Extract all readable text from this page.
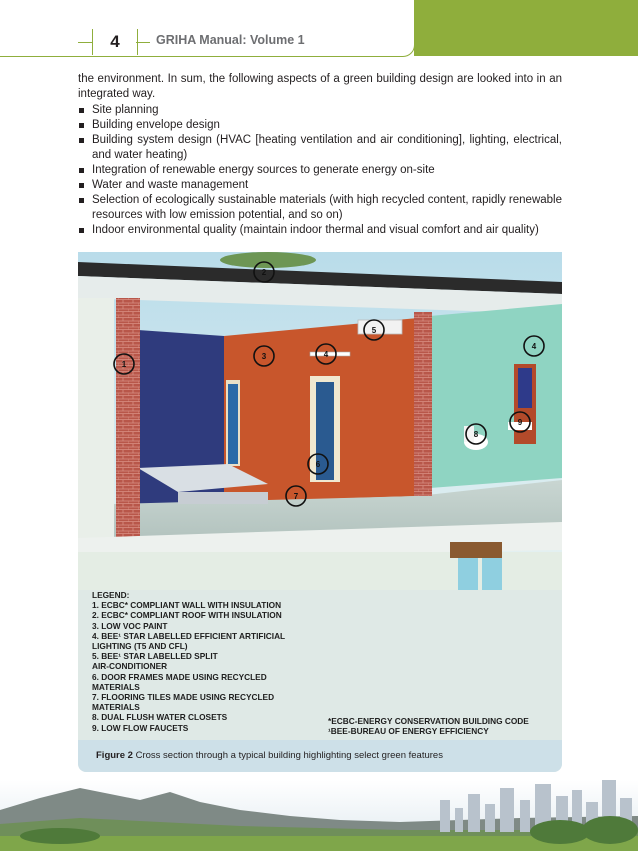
4	GRIHA Manual: Volume 1

the environment. In sum, the following aspects of a green building design are looked into in an integrated way.

Site planning
Building envelope design
Building system design (HVAC [heating ventilation and air conditioning], lighting, electrical, and water heating)
Integration of renewable energy sources to generate energy on-site
Water and waste management
Selection of ecologically sustainable materials (with high recycled content, rapidly renewable resources with low emission potential, and so on)
Indoor environmental quality (maintain indoor thermal and visual comfort and air quality)
1
2
3	4
5
6
7
8
9
4
LEGEND:
1. ECBC* COMPLIANT WALL WITH INSULATION
2. ECBC* COMPLIANT ROOF WITH INSULATION
3. LOW VOC PAINT
4. BEE¹ STAR LABELLED EFFICIENT ARTIFICIAL
LIGHTING (T5 AND CFL)
5. BEE¹ STAR LABELLED SPLIT
AIR-CONDITIONER
6. DOOR FRAMES MADE USING RECYCLED
MATERIALS
7. FLOORING TILES MADE USING RECYCLED
MATERIALS
8. DUAL FLUSH WATER CLOSETS
9. LOW FLOW FAUCETS
*ECBC-ENERGY CONSERVATION BUILDING CODE
¹BEE-BUREAU OF ENERGY EFFICIENCY
Figure 2 Cross section through a typical building highlighting select green features
